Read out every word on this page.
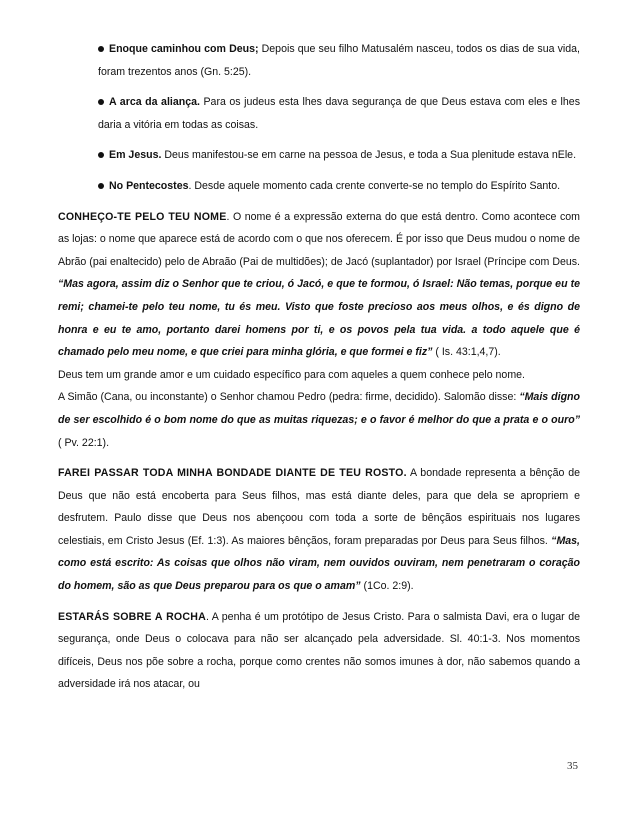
Enoque caminhou com Deus; Depois que seu filho Matusalém nasceu, todos os dias de sua vida, foram trezentos anos (Gn. 5:25).
A arca da aliança. Para os judeus esta lhes dava segurança de que Deus estava com eles e lhes daria a vitória em todas as coisas.
Em Jesus. Deus manifestou-se em carne na pessoa de Jesus, e toda a Sua plenitude estava nEle.
No Pentecostes. Desde aquele momento cada crente converte-se no templo do Espírito Santo.

CONHEÇO-TE PELO TEU NOME. O nome é a expressão externa do que está dentro. Como acontece com as lojas: o nome que aparece está de acordo com o que nos oferecem. É por isso que Deus mudou o nome de Abrão (pai enaltecido) pelo de Abraão (Pai de multidões); de Jacó (suplantador) por Israel (Príncipe com Deus. “Mas agora, assim diz o Senhor que te criou, ó Jacó, e que te formou, ó Israel: Não temas, porque eu te remi; chamei-te pelo teu nome, tu és meu. Visto que foste precioso aos meus olhos, e és digno de honra e eu te amo, portanto darei homens por ti, e os povos pela tua vida. a todo aquele que é chamado pelo meu nome, e que criei para minha glória, e que formei e fiz” ( Is. 43:1,4,7).

Deus tem um grande amor e um cuidado específico para com aqueles a quem conhece pelo nome.

A Simão (Cana, ou inconstante) o Senhor chamou Pedro (pedra: firme, decidido). Salomão disse: “Mais digno de ser escolhido é o bom nome do que as muitas riquezas; e o favor é melhor do que a prata e o ouro” ( Pv. 22:1).

FAREI PASSAR TODA MINHA BONDADE DIANTE DE TEU ROSTO. A bondade representa a bênção de Deus que não está encoberta para Seus filhos, mas está diante deles, para que dela se apropriem e desfrutem. Paulo disse que Deus nos abençoou com toda a sorte de bênçãos espirituais nos lugares celestiais, em Cristo Jesus (Ef. 1:3). As maiores bênçãos, foram preparadas por Deus para Seus filhos. “Mas, como está escrito: As coisas que olhos não viram, nem ouvidos ouviram, nem penetraram o coração do homem, são as que Deus preparou para os que o amam” (1Co. 2:9).

ESTARÁS SOBRE A ROCHA. A penha é um protótipo de Jesus Cristo. Para o salmista Davi, era o lugar de segurança, onde Deus o colocava para não ser alcançado pela adversidade. Sl. 40:1-3. Nos momentos difíceis, Deus nos põe sobre a rocha, porque como crentes não somos imunes à dor, não sabemos quando a adversidade irá nos atacar, ou

35
